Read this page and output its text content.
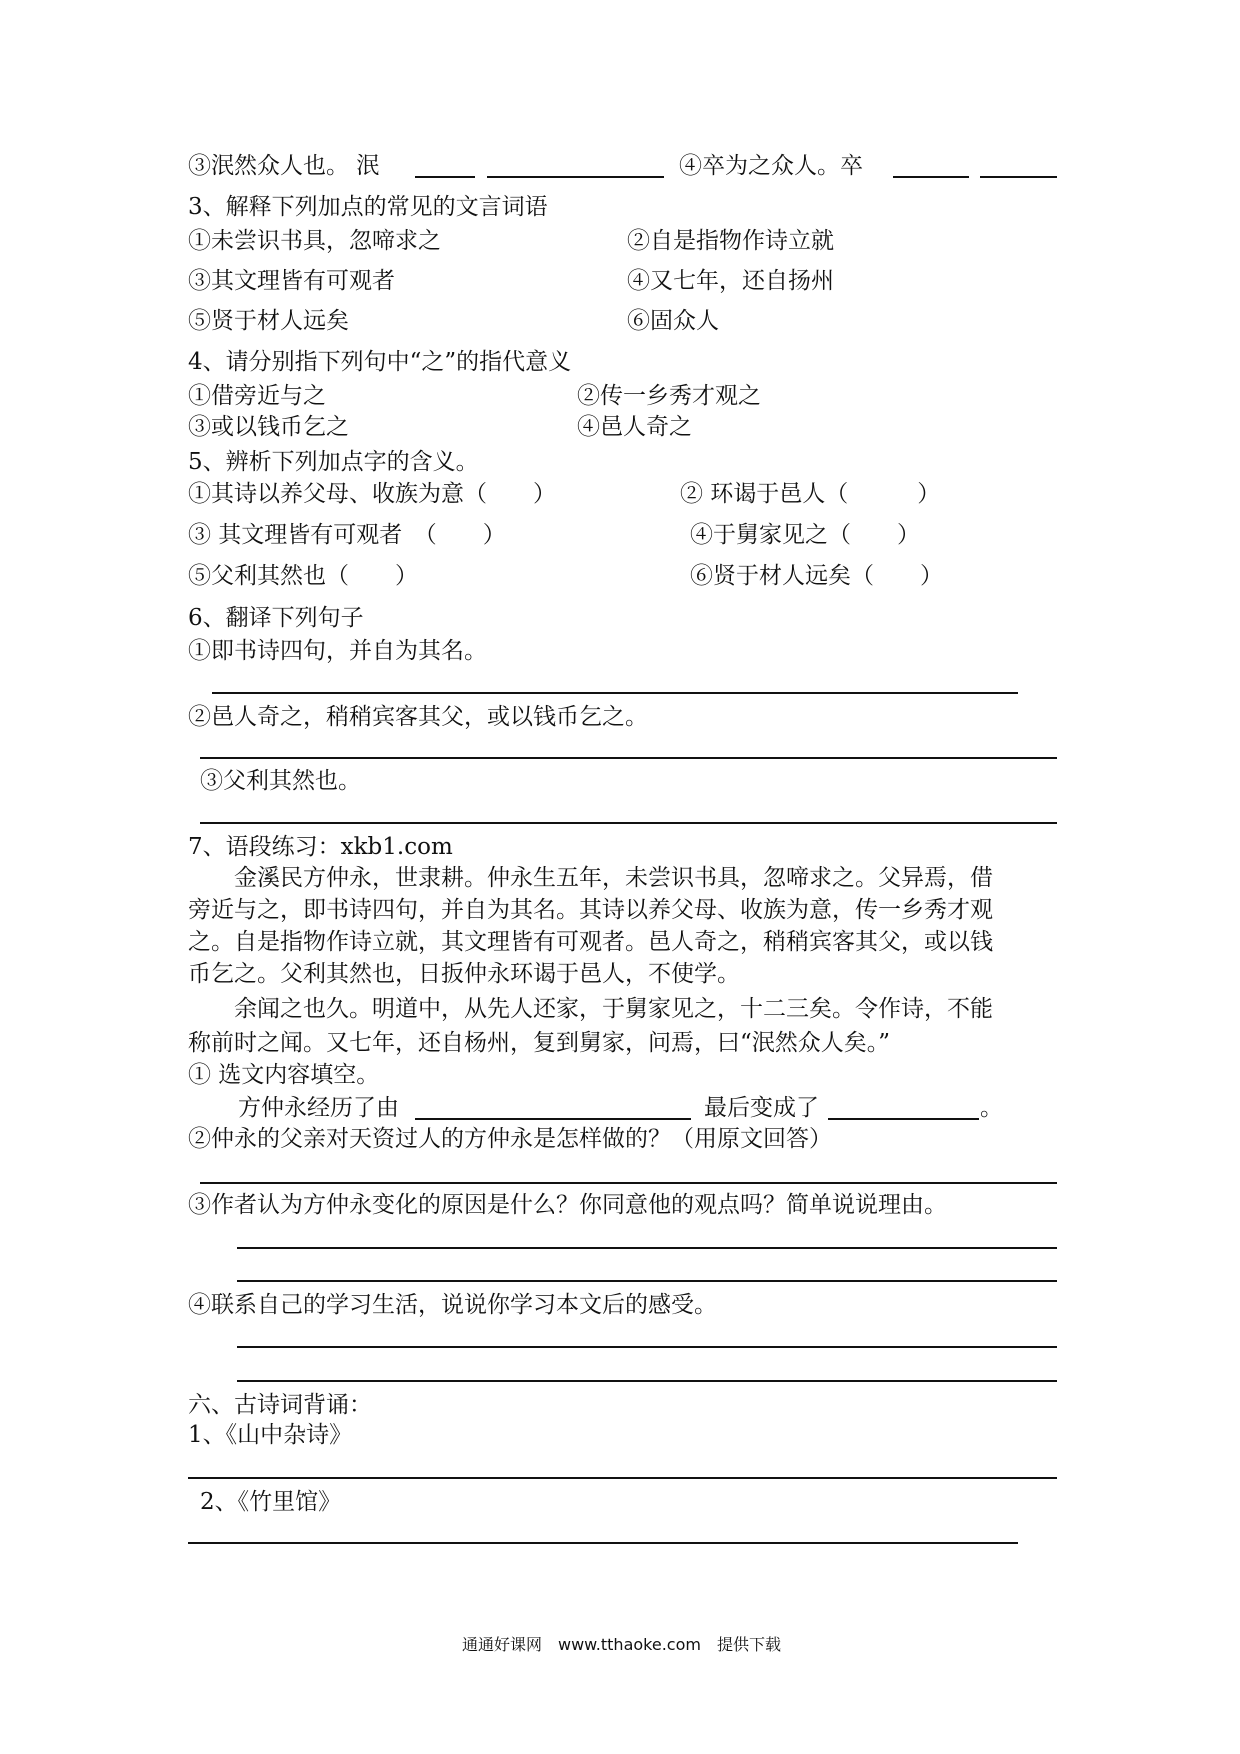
③泯然众人也。 泯	④卒为之众人。卒
3、解释下列加点的常见的文言词语
①未尝识书具，忽啼求之	②自是指物作诗立就
③其文理皆有可观者	④又七年，还自扬州
⑤贤于材人远矣	⑥固众人
4、请分别指下列句中“之”的指代意义
①借旁近与之	②传一乡秀才观之
③或以钱币乞之	④邑人奇之
5、辨析下列加点字的含义。
①其诗以养父母、收族为意（　　）	② 环谒于邑人（　　　）
③ 其文理皆有可观者　（　　）	④于舅家见之（　　）
⑤父利其然也（　　）	⑥贤于材人远矣（　　）
6、翻译下列句子
①即书诗四句，并自为其名。
②邑人奇之，稍稍宾客其父，或以钱币乞之。
③父利其然也。
7、语段练习：xkb1.com
　　金溪民方仲永，世隶耕。仲永生五年，未尝识书具，忽啼求之。父异焉，借
旁近与之，即书诗四句，并自为其名。其诗以养父母、收族为意，传一乡秀才观
之。自是指物作诗立就，其文理皆有可观者。邑人奇之，稍稍宾客其父，或以钱
币乞之。父利其然也，日扳仲永环谒于邑人，不使学。
　　余闻之也久。明道中，从先人还家，于舅家见之，十二三矣。令作诗，不能
称前时之闻。又七年，还自杨州，复到舅家，问焉，曰“泯然众人矣。”
① 选文内容填空。
方仲永经历了由	最后变成了	。
②仲永的父亲对天资过人的方仲永是怎样做的？（用原文回答）
③作者认为方仲永变化的原因是什么？你同意他的观点吗？简单说说理由。
④联系自己的学习生活，说说你学习本文后的感受。
六、古诗词背诵：
1、《山中杂诗》
2、《竹里馆》
通通好课网　www.tthaoke.com　提供下载
